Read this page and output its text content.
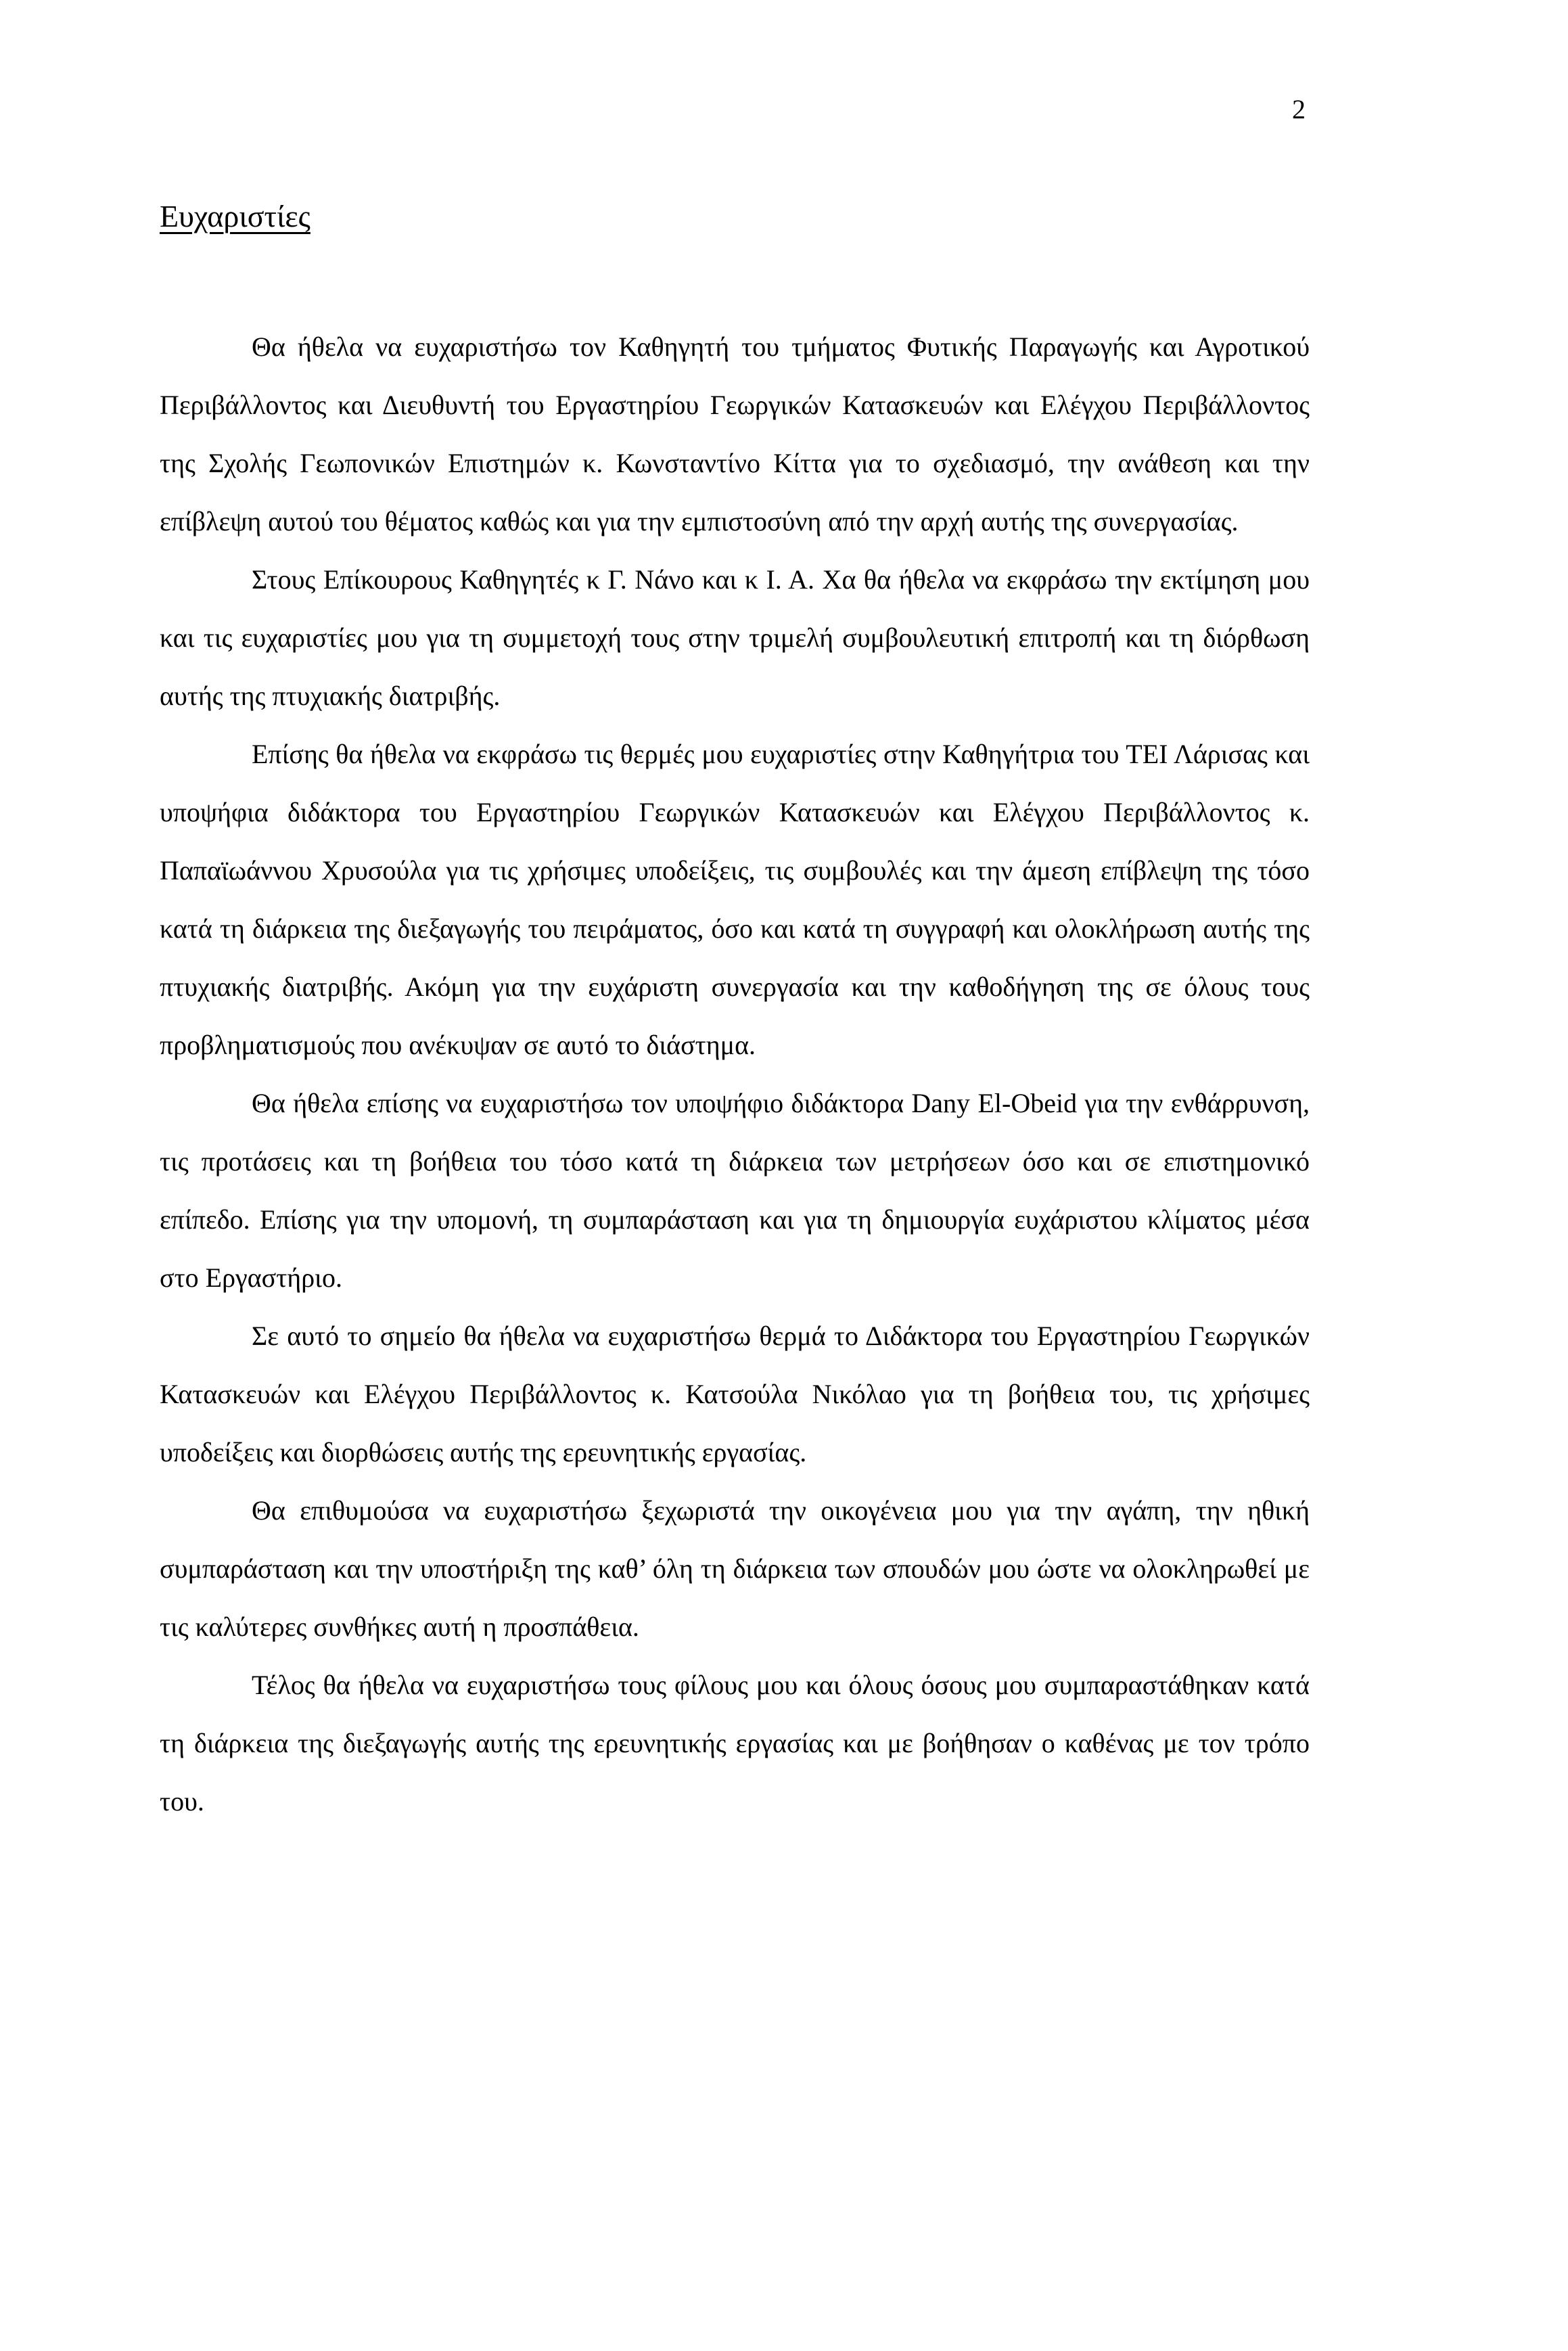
2
Ευχαριστίες

Θα ήθελα να ευχαριστήσω τον Καθηγητή του τμήματος Φυτικής Παραγωγής και Αγροτικού Περιβάλλοντος και Διευθυντή του Εργαστηρίου Γεωργικών Κατασκευών και Ελέγχου Περιβάλλοντος της Σχολής Γεωπονικών Επιστημών κ. Κωνσταντίνο Κίττα για το σχεδιασμό, την ανάθεση και την επίβλεψη αυτού του θέματος καθώς και για την εμπιστοσύνη από την αρχή αυτής της συνεργασίας.

Στους Επίκουρους Καθηγητές κ Γ. Νάνο και κ Ι. Α. Χα θα ήθελα να εκφράσω την εκτίμηση μου και τις ευχαριστίες μου για τη συμμετοχή τους στην τριμελή συμβουλευτική επιτροπή και τη διόρθωση αυτής της πτυχιακής διατριβής.

Επίσης θα ήθελα να εκφράσω τις θερμές μου ευχαριστίες στην Καθηγήτρια του ΤΕΙ Λάρισας και υποψήφια διδάκτορα του Εργαστηρίου Γεωργικών Κατασκευών και Ελέγχου Περιβάλλοντος κ. Παπαϊωάννου Χρυσούλα για τις χρήσιμες υποδείξεις, τις συμβουλές και την άμεση επίβλεψη της τόσο κατά τη διάρκεια της διεξαγωγής του πειράματος, όσο και κατά τη συγγραφή και ολοκλήρωση αυτής της πτυχιακής διατριβής. Ακόμη για την ευχάριστη συνεργασία και την καθοδήγηση της σε όλους τους προβληματισμούς που ανέκυψαν σε αυτό το διάστημα.

Θα ήθελα επίσης να ευχαριστήσω τον υποψήφιο διδάκτορα Dany El-Obeid για την ενθάρρυνση, τις προτάσεις και τη βοήθεια του τόσο κατά τη διάρκεια των μετρήσεων όσο και σε επιστημονικό επίπεδο. Επίσης για την υπομονή, τη συμπαράσταση και για τη δημιουργία ευχάριστου κλίματος μέσα στο Εργαστήριο.

Σε αυτό το σημείο θα ήθελα να ευχαριστήσω θερμά το Διδάκτορα του Εργαστηρίου Γεωργικών Κατασκευών και Ελέγχου Περιβάλλοντος κ. Κατσούλα Νικόλαο για τη βοήθεια του, τις χρήσιμες υποδείξεις και διορθώσεις αυτής της ερευνητικής εργασίας.

Θα επιθυμούσα να ευχαριστήσω ξεχωριστά την οικογένεια μου για την αγάπη, την ηθική συμπαράσταση και την υποστήριξη της καθ’ όλη τη διάρκεια των σπουδών μου ώστε να ολοκληρωθεί με τις καλύτερες συνθήκες αυτή η προσπάθεια.

Τέλος θα ήθελα να ευχαριστήσω τους φίλους μου και όλους όσους μου συμπαραστάθηκαν κατά τη διάρκεια της διεξαγωγής αυτής της ερευνητικής εργασίας και με βοήθησαν ο καθένας με τον τρόπο του.
